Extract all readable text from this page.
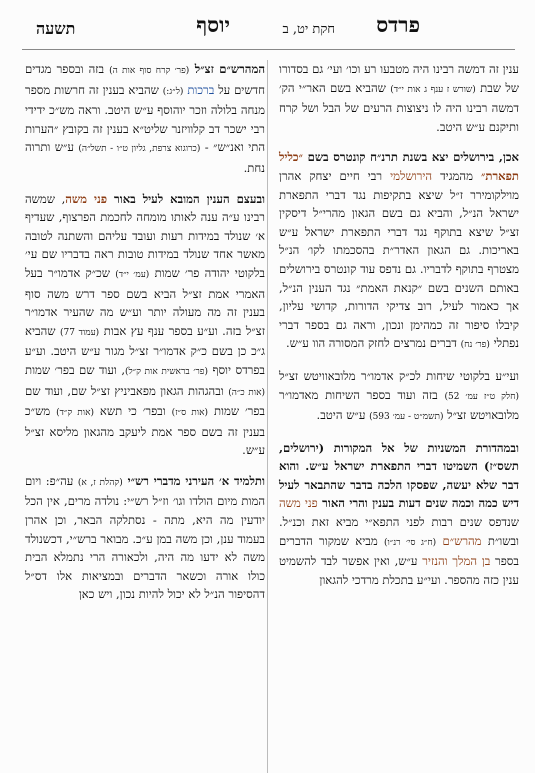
פרדס
חקת יט, ב
יוסף
תשעה

ענין זה דמשה רבינו היה מטבעו רע וכו׳ ועי׳ גם בסדורו של שבת (שורש ז ענף ג אות י״ד) שהביא בשם האר״י הק׳ דמשה רבינו היה לו ניצוצות הרעים של הבל ושל קרח ותיקנם ע״ש היטב.

אכן, בירושלים יצא בשנת תרנ״ח קונטרס בשם ״כליל תפארת״ מהמגיד הירושלמי רבי חיים יצחק אהרן מוילקומירר ז״ל שיצא בתקיפות נגד דברי התפארת ישראל הנ״ל, והביא גם בשם הגאון מהרי״ל דיסקין זצ״ל שיצא בתוקף נגד דברי התפארת ישראל ע״ש באריכות. גם הגאון האדר״ת בהסכמתו לקו׳ הנ״ל מצטרף בתוקף לדבריו. גם נדפס עוד קונטרס בירושלים באותם השנים בשם ״קנאת האמת״ נגד הענין הנ״ל, אך כאמור לעיל, רוב צדיקי הדורות, קדושי עליון, קיבלו סיפור זה כמהימן ונכון, וראה גם בספר דברי נפתלי (פר׳ נח) דברים נמרצים לחזק המסורה הוו ע״ש.

ועי״ע בלקוטי שיחות לכ״ק אדמו״ר מלובאוויטש זצ״ל (חלק ט״ז עמ׳ 52) בזה ועוד בספר השיחות מאדמו״ר מלובאויטש זצ״ל (תשמ״ט - עמ׳ 593) ע״ש היטב.

ובמהדורת המשניות של אל המקורות (ירושלים, תשס״ז) השמיטו דברי התפארת ישראל ע״ש. והוא דבר שלא יעשה, שפסקו הלכה בדבר שהתבאר לעיל דיש כמה וכמה שנים דעות בענין והרי האור פני משה שנדפס שנים רבות לפני התפא״י מביא זאת וכנ״ל. ובשו״ת מהרש״ם (ח״ג סי׳ רנ״ו) מביא שמקור הדברים בספר בן המלך והנזיר ע״ש, ואין אפשר לבד להשמיט ענין כזה מהספר. ועי״ע בתכלת מרדכי להגאון

המהרש״ם זצ״ל (פר׳ קרח סוף אות ה) בזה ובספר מגדים חדשים על ברכות (ל״ג:) שהביא בענין זה חרשות מספר מנחה בלולה וזכר יוהוסף ע״ש היטב. וראה מש״כ ידידי רבי ישכר דב קלוויזנר שליט״א בענין זה בקובץ ״הערות התי ואנ״ש״ - (כרוגוא צרפת, גליון ט״ו - תשל״ה) ע״ש ותרוה נחת.

ובעצם הענין המובא לעיל באור פני משה, שמשה רבינו ע״ה ענה לאותו מומחה לחכמת הפרצוף, שעדיף א׳ שנולד במידות רעות ועובד עליהם והשתנה לטובה מאשר אחד שנולד במידות טובות ראה בדבריו שם עי׳ בלקוטי יהודה פר׳ שמות (עמ׳ י״ד) שכ״ק אדמו״ר בעל האמרי אמת זצ״ל הביא בשם ספר דרש משה סוף בענין זה מה מעולה יותר וע״ש מה שהעיר אדמו״ר זצ״ל בזה. וע״ע בספר ענף עץ אבות (עמוד 77) שהביא ג״כ כן בשם כ״ק אדמו״ר זצ״ל מגור ע״ש היטב. וע״ע בפרדס יוסף (פר׳ בראשית אות ק״ל), ועוד שם בפר׳ שמות (אות כ״ה) ובהגהות הגאון מפאביניץ זצ״ל שם, ועוד שם בפר׳ שמות (אות ס״ז) ובפר׳ כי תשא (אות ק״ד) מש״כ בענין זה בשם ספר אמת ליעקב מהגאון מליסא זצ״ל ע״ש.

ותלמיד א׳ העירני מדברי רש״י (קהלת ז, א) עה״פ: ויום המות מיום הולדו וגו׳ וז״ל רש״י: נולדה מרים, אין הכל יודעין מה היא, מתה - נסתלקה הבאר, וכן אהרן בעמוד ענן, וכן משה במן ע״כ. מבואר ברש״י, דכשנולד משה לא ידעו מה היה, ולכאורה הרי נתמלא הבית כולו אורה וכשאר הדברים ובמציאות אלו דס״ל דהסיפור הנ״ל לא יכול להיות נכון, ויש כאן
